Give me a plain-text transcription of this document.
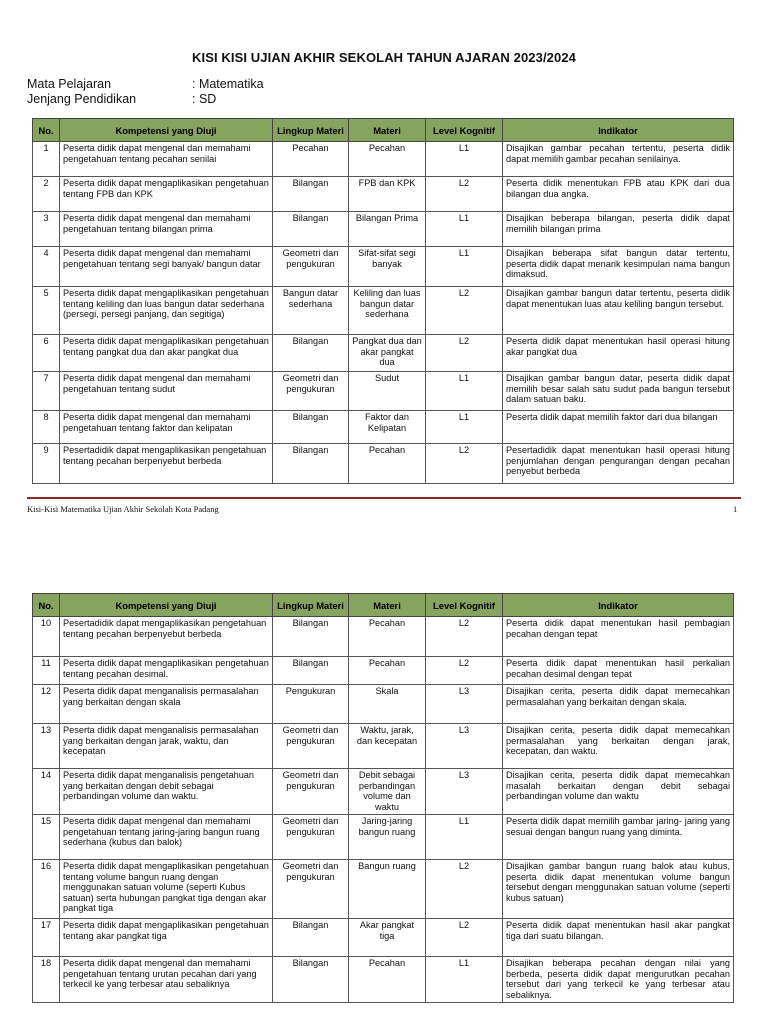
KISI KISI UJIAN AKHIR SEKOLAH TAHUN AJARAN 2023/2024
Mata Pelajaran	: Matematika
Jenjang Pendidikan	: SD
No.	Kompetensi yang Diuji	Lingkup Materi	Materi	Level Kognitif	Indikator
1	Peserta didik dapat mengenal dan memahami pengetahuan tentang pecahan senilai	Pecahan	Pecahan	L1	Disajikan gambar pecahan tertentu, peserta didik dapat memilih gambar pecahan senilainya.
2	Peserta didik dapat mengaplikasikan pengetahuan tentang FPB dan KPK	Bilangan	FPB dan KPK	L2	Peserta didik menentukan FPB atau KPK dari dua bilangan dua angka.
3	Peserta didik dapat mengenal dan memahami pengetahuan tentang bilangan prima	Bilangan	Bilangan Prima	L1	Disajikan beberapa bilangan, peserta didik dapat memilih bilangan prima
4	Peserta didik dapat mengenal dan memahami pengetahuan tentang segi banyak/ bangun datar	Geometri dan pengukuran	Sifat-sifat segi banyak	L1	Disajikan beberapa sifat bangun datar tertentu, peserta didik dapat menarik kesimpulan nama bangun dimaksud.
5	Peserta didik dapat mengaplikasikan pengetahuan tentang keliling dan luas bangun datar sederhana (persegi, persegi panjang, dan segitiga)	Bangun datar sederhana	Keliling dan luas bangun datar sederhana	L2	Disajikan gambar bangun datar tertentu, peserta didik dapat menentukan luas atau keliling bangun tersebut.
6	Peserta didik dapat mengaplikasikan pengetahuan tentang pangkat dua dan akar pangkat dua	Bilangan	Pangkat dua dan akar pangkat dua	L2	Peserta didik dapat menentukan hasil operasi hitung akar pangkat dua
7	Peserta didik dapat mengenal dan memahami pengetahuan tentang sudut	Geometri dan pengukuran	Sudut	L1	Disajikan gambar bangun datar, peserta didik dapat memilih besar salah satu sudut pada bangun tersebut dalam satuan baku.
8	Peserta didik dapat mengenal dan memahami pengetahuan tentang faktor dan kelipatan	Bilangan	Faktor dan Kelipatan	L1	Peserta didik dapat memilih faktor dari dua bilangan
9	Pesertadidik dapat mengaplikasikan pengetahuan tentang pecahan berpenyebut berbeda	Bilangan	Pecahan	L2	Pesertadidik dapat menentukan hasil operasi hitung penjumlahan dengan pengurangan dengan pecahan penyebut berbeda
Kisi-Kisi Matematika Ujian Akhir Sekolah Kota Padang	1
No.	Kompetensi yang Diuji	Lingkup Materi	Materi	Level Kognitif	Indikator
10	Pesertadidik dapat mengaplikasikan pengetahuan tentang pecahan berpenyebut berbeda	Bilangan	Pecahan	L2	Peserta didik dapat menentukan hasil pembagian pecahan dengan tepat
11	Peserta didik dapat mengaplikasikan pengetahuan tentang pecahan desimal.	Bilangan	Pecahan	L2	Peserta didik dapat menentukan hasil perkalian pecahan desimal dengan tepat
12	Peserta didik dapat menganalisis permasalahan yang berkaitan dengan skala	Pengukuran	Skala	L3	Disajikan cerita, peserta didik dapat memecahkan permasalahan yang berkaitan dengan skala.
13	Peserta didik dapat menganalisis permasalahan yang berkaitan dengan jarak, waktu, dan kecepatan	Geometri dan pengukuran	Waktu, jarak, dan kecepatan	L3	Disajikan cerita, peserta didik dapat memecahkan permasalahan yang berkaitan dengan jarak, kecepatan, dan waktu.
14	Peserta didik dapat menganalisis pengetahuan yang berkaitan dengan debit sebagai perbandingan volume dan waktu.	Geometri dan pengukuran	Debit sebagai perbandingan volume dan waktu	L3	Disajikan cerita, peserta didik dapat memecahkan masalah berkaitan dengan debit sebagai perbandingan volume dan waktu
15	Peserta didik dapat mengenal dan memahami pengetahuan tentang jaring-jaring bangun ruang sederhana (kubus dan balok)	Geometri dan pengukuran	Jaring-jaring bangun ruang	L1	Peserta didik dapat memilih gambar jaring- jaring yang sesuai dengan bangun ruang yang diminta.
16	Peserta didik dapat mengaplikasikan pengetahuan tentang volume bangun ruang dengan menggunakan satuan volume (seperti Kubus satuan) serta hubungan pangkat tiga dengan akar pangkat tiga	Geometri dan pengukuran	Bangun ruang	L2	Disajikan gambar bangun ruang balok atau kubus, peserta didik dapat menentukan volume bangun tersebut dengan menggunakan satuan volume (seperti kubus satuan)
17	Peserta didik dapat mengaplikasikan pengetahuan tentang akar pangkat tiga	Bilangan	Akar pangkat tiga	L2	Peserta didik dapat menentukan hasil akar pangkat tiga dari suatu bilangan.
18	Peserta didik dapat mengenal dan memahami pengetahuan tentang urutan pecahan dari yang terkecil ke yang terbesar atau sebaliknya	Bilangan	Pecahan	L1	Disajikan beberapa pecahan dengan nilai yang berbeda, peserta didik dapat mengurutkan pecahan tersebut dari yang terkecil ke yang terbesar atau sebaliknya.
